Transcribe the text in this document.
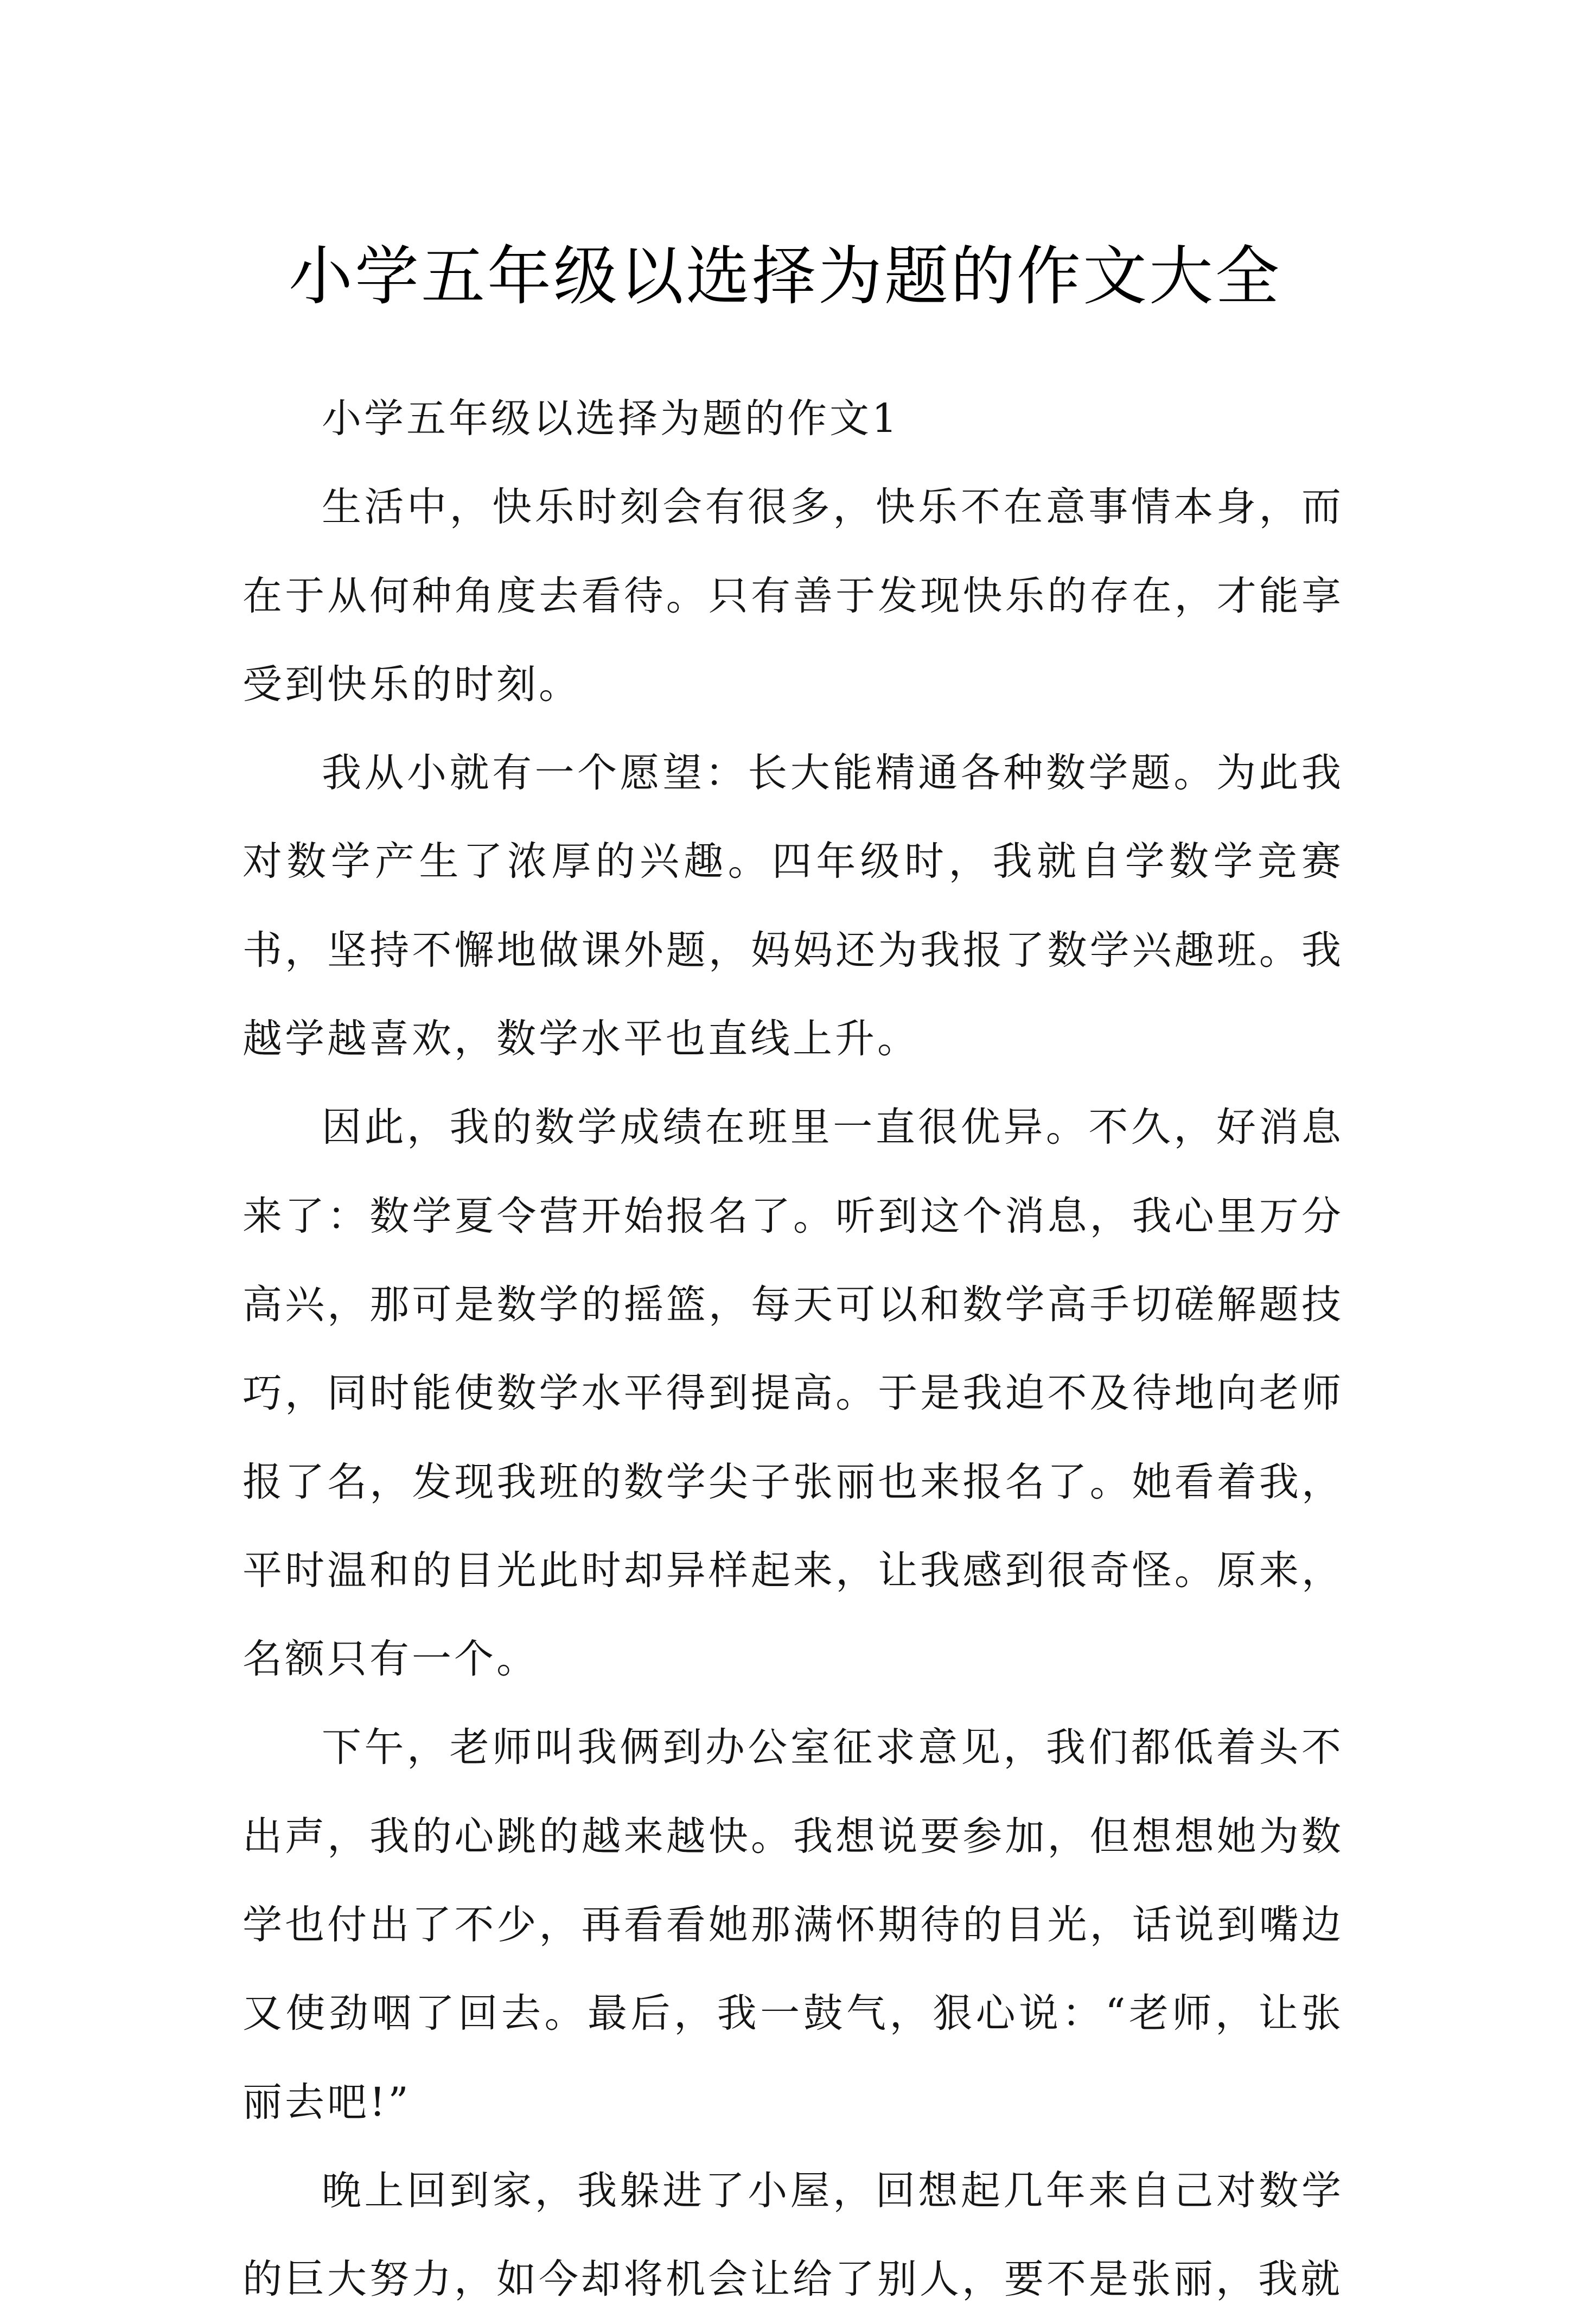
小学五年级以选择为题的作文大全

小学五年级以选择为题的作文1

生活中，快乐时刻会有很多，快乐不在意事情本身，而在于从何种角度去看待。只有善于发现快乐的存在，才能享受到快乐的时刻。

我从小就有一个愿望：长大能精通各种数学题。为此我对数学产生了浓厚的兴趣。四年级时，我就自学数学竞赛书，坚持不懈地做课外题，妈妈还为我报了数学兴趣班。我越学越喜欢，数学水平也直线上升。

因此，我的数学成绩在班里一直很优异。不久，好消息来了：数学夏令营开始报名了。听到这个消息，我心里万分高兴，那可是数学的摇篮，每天可以和数学高手切磋解题技巧，同时能使数学水平得到提高。于是我迫不及待地向老师报了名，发现我班的数学尖子张丽也来报名了。她看着我，平时温和的目光此时却异样起来，让我感到很奇怪。原来，名额只有一个。

下午，老师叫我俩到办公室征求意见，我们都低着头不出声，我的心跳的越来越快。我想说要参加，但想想她为数学也付出了不少，再看看她那满怀期待的目光，话说到嘴边又使劲咽了回去。最后，我一鼓气，狠心说：“老师，让张丽去吧!”

晚上回到家，我躲进了小屋，回想起几年来自己对数学的巨大努力，如今却将机会让给了别人，要不是张丽，我就
